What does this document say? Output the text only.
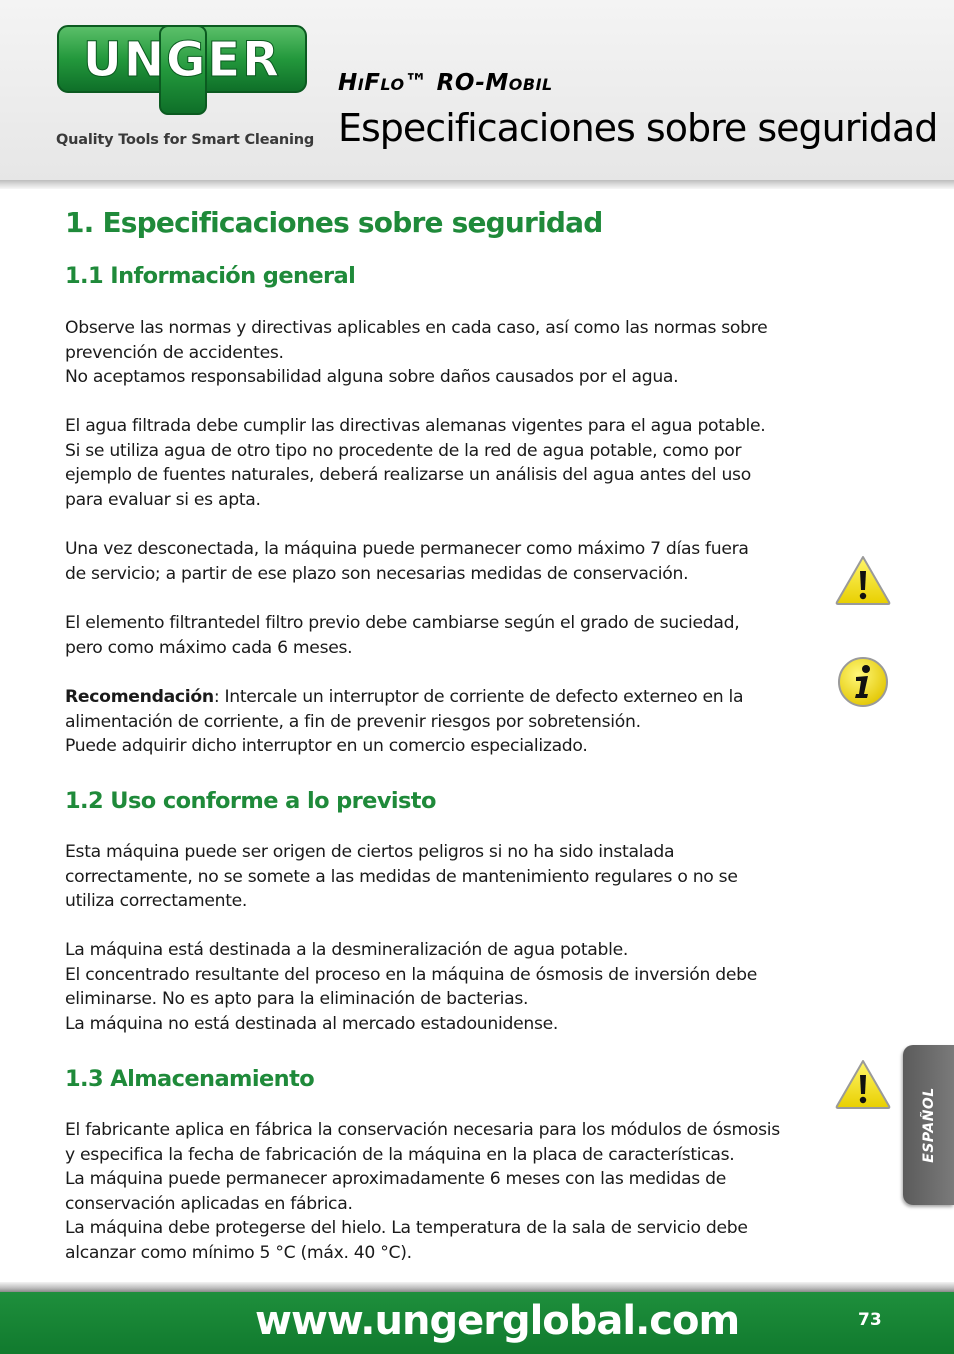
UNGER
Quality Tools for Smart Cleaning
HIFLO™ RO-MOBIL
Especificaciones sobre seguridad
1. Especificaciones sobre seguridad
1.1 Información general
Observe las normas y directivas aplicables en cada caso, así como las normas sobre
prevención de accidentes.
No aceptamos responsabilidad alguna sobre daños causados por el agua.
El agua filtrada debe cumplir las directivas alemanas vigentes para el agua potable.
Si se utiliza agua de otro tipo no procedente de la red de agua potable, como por
ejemplo de fuentes naturales, deberá realizarse un análisis del agua antes del uso
para evaluar si es apta.
Una vez desconectada, la máquina puede permanecer como máximo 7 días fuera
de servicio; a partir de ese plazo son necesarias medidas de conservación.
El elemento filtrantedel filtro previo debe cambiarse según el grado de suciedad,
pero como máximo cada 6 meses.
Recomendación: Intercale un interruptor de corriente de defecto externeo en la
alimentación de corriente, a fin de prevenir riesgos por sobretensión.
Puede adquirir dicho interruptor en un comercio especializado.
1.2 Uso conforme a lo previsto
Esta máquina puede ser origen de ciertos peligros si no ha sido instalada
correctamente, no se somete a las medidas de mantenimiento regulares o no se
utiliza correctamente.
La máquina está destinada a la desmineralización de agua potable.
El concentrado resultante del proceso en la máquina de ósmosis de inversión debe
eliminarse. No es apto para la eliminación de bacterias.
La máquina no está destinada al mercado estadounidense.
1.3 Almacenamiento
El fabricante aplica en fábrica la conservación necesaria para los módulos de ósmosis
y especifica la fecha de fabricación de la máquina en la placa de características.
La máquina puede permanecer aproximadamente 6 meses con las medidas de
conservación aplicadas en fábrica.
La máquina debe protegerse del hielo. La temperatura de la sala de servicio debe
alcanzar como mínimo 5 °C (máx. 40 °C).
ESPAÑOL
www.ungerglobal.com	73
